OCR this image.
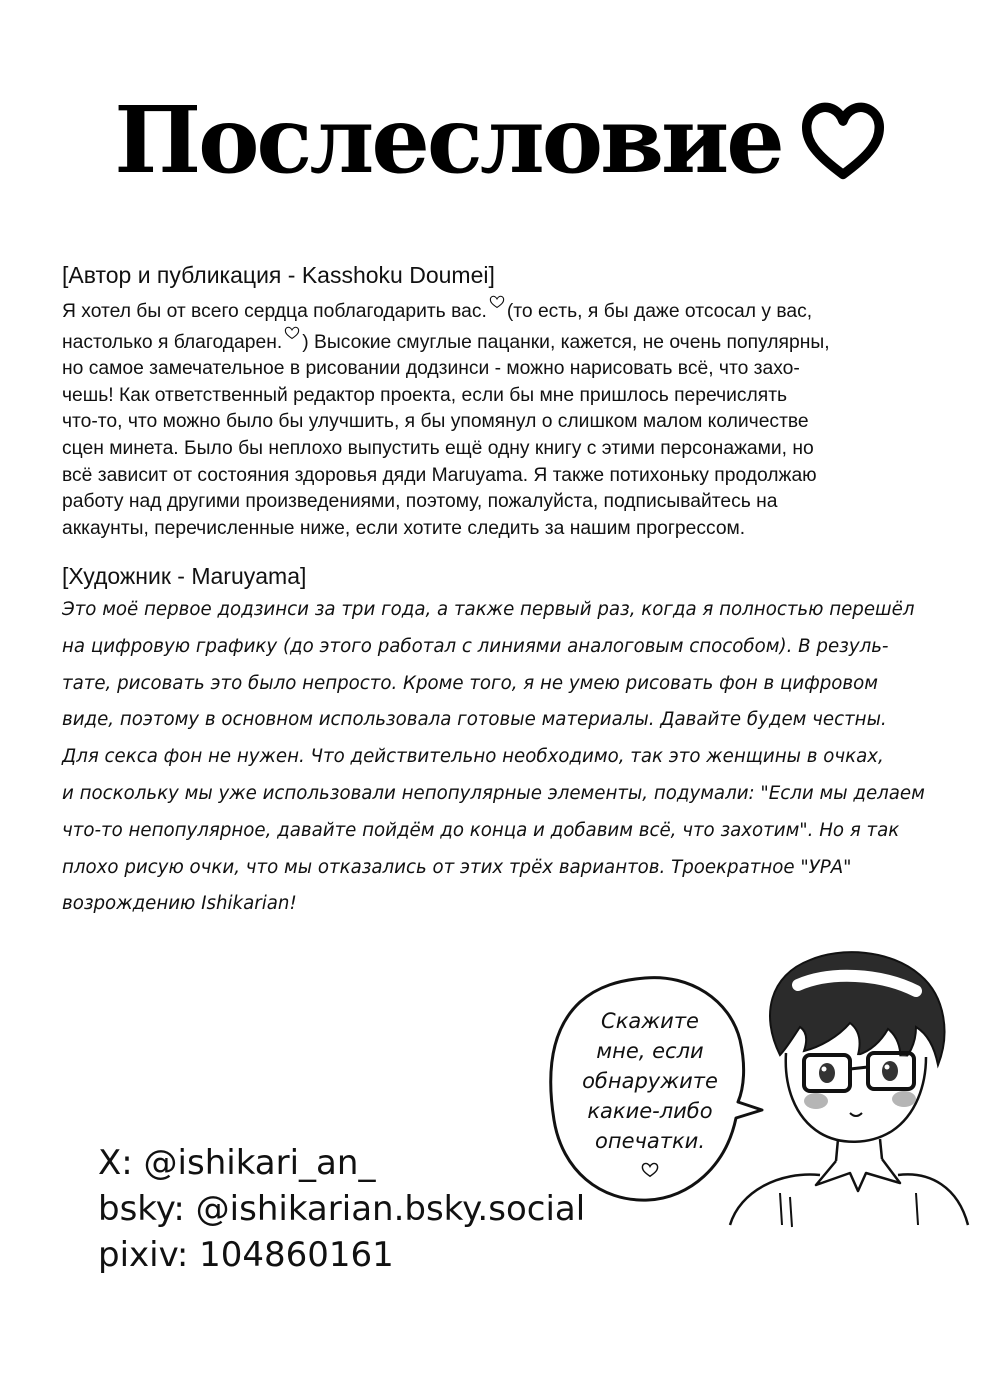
Послесловие
[Автор и публикация - Kasshoku Doumei]
Я хотел бы от всего сердца поблагодарить вас. (то есть, я бы даже отсосал у вас,
настолько я благодарен. ) Высокие смуглые пацанки, кажется, не очень популярны,
но самое замечательное в рисовании додзинси - можно нарисовать всё, что захо-
чешь! Как ответственный редактор проекта, если бы мне пришлось перечислять
что-то, что можно было бы улучшить, я бы упомянул о слишком малом количестве
сцен минета. Было бы неплохо выпустить ещё одну книгу с этими персонажами, но
всё зависит от состояния здоровья дяди Maruyama. Я также потихоньку продолжаю
работу над другими произведениями, поэтому, пожалуйста, подписывайтесь на
аккаунты, перечисленные ниже, если хотите следить за нашим прогрессом.
[Художник - Maruyama]
Это моё первое додзинси за три года, а также первый раз, когда я полностью перешёл
на цифровую графику (до этого работал с линиями аналоговым способом). В резуль-
тате, рисовать это было непросто. Кроме того, я не умею рисовать фон в цифровом
виде, поэтому в основном использовала готовые материалы. Давайте будем честны.
Для секса фон не нужен. Что действительно необходимо, так это женщины в очках,
и поскольку мы уже использовали непопулярные элементы, подумали: "Если мы делаем
что-то непопулярное, давайте пойдём до конца и добавим всё, что захотим". Но я так
плохо рисую очки, что мы отказались от этих трёх вариантов. Троекратное "УРА"
возрождению Ishikarian!
Скажите
мне, если
обнаружите
какие-либо
опечатки.
X: @ishikari_an_
bsky: @ishikarian.bsky.social
pixiv: 104860161
